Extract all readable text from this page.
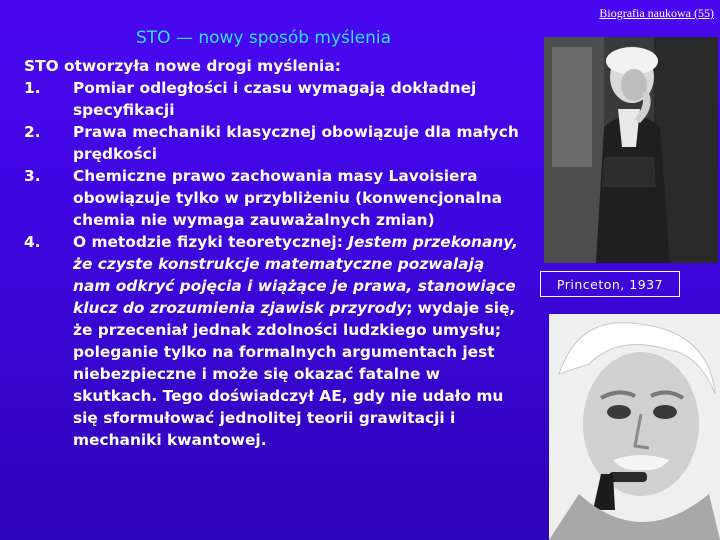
Biografia naukowa (55)
STO — nowy sposób myślenia

STO otworzyła nowe drogi myślenia:

1.	Pomiar odległości i czasu wymagają dokładnej specyfikacji
2.	Prawa mechaniki klasycznej obowiązuje dla małych prędkości
3.	Chemiczne prawo zachowania masy Lavoisiera obowiązuje tylko w przybliżeniu (konwencjonalna chemia nie wymaga zauważalnych zmian)
4.	O metodzie fizyki teoretycznej: Jestem przekonany, że czyste konstrukcje matematyczne pozwalają nam odkryć pojęcia i wiążące je prawa, stanowiące klucz do zrozumienia zjawisk przyrody; wydaje się, że przeceniał jednak zdolności ludzkiego umysłu; poleganie tylko na formalnych argumentach jest niebezpieczne i może się okazać fatalne w skutkach. Tego doświadczył AE, gdy nie udało mu się sformułować jednolitej teorii grawitacji i mechaniki kwantowej.
Princeton, 1937
